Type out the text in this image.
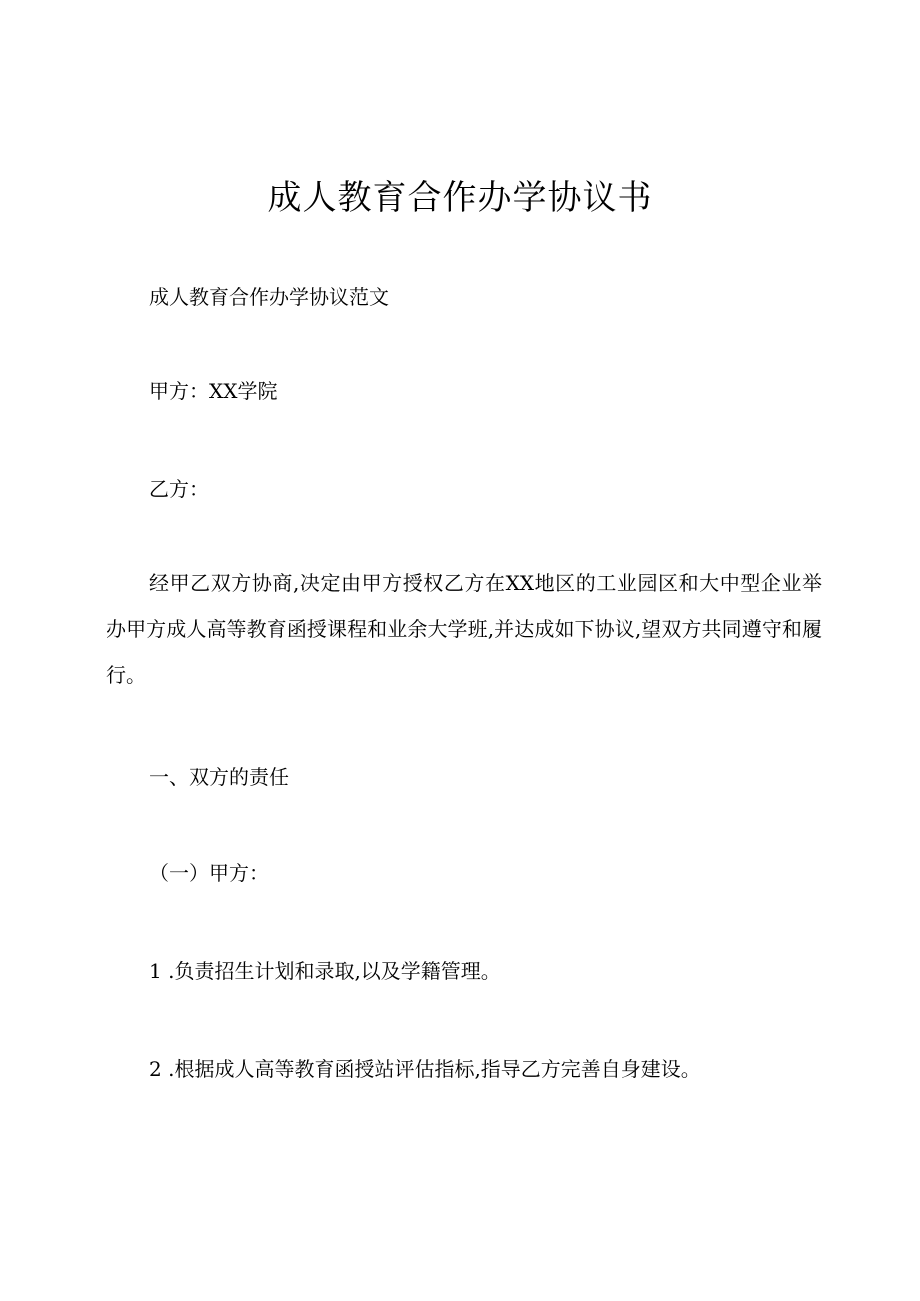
成人教育合作办学协议书
成人教育合作办学协议范文
甲方：XX学院
乙方：
经甲乙双方协商,决定由甲方授权乙方在XX地区的工业园区和大中型企业举办甲方成人高等教育函授课程和业余大学班,并达成如下协议,望双方共同遵守和履行。
一、双方的责任
（一）甲方：
1 .负责招生计划和录取,以及学籍管理。
2 .根据成人高等教育函授站评估指标,指导乙方完善自身建设。
